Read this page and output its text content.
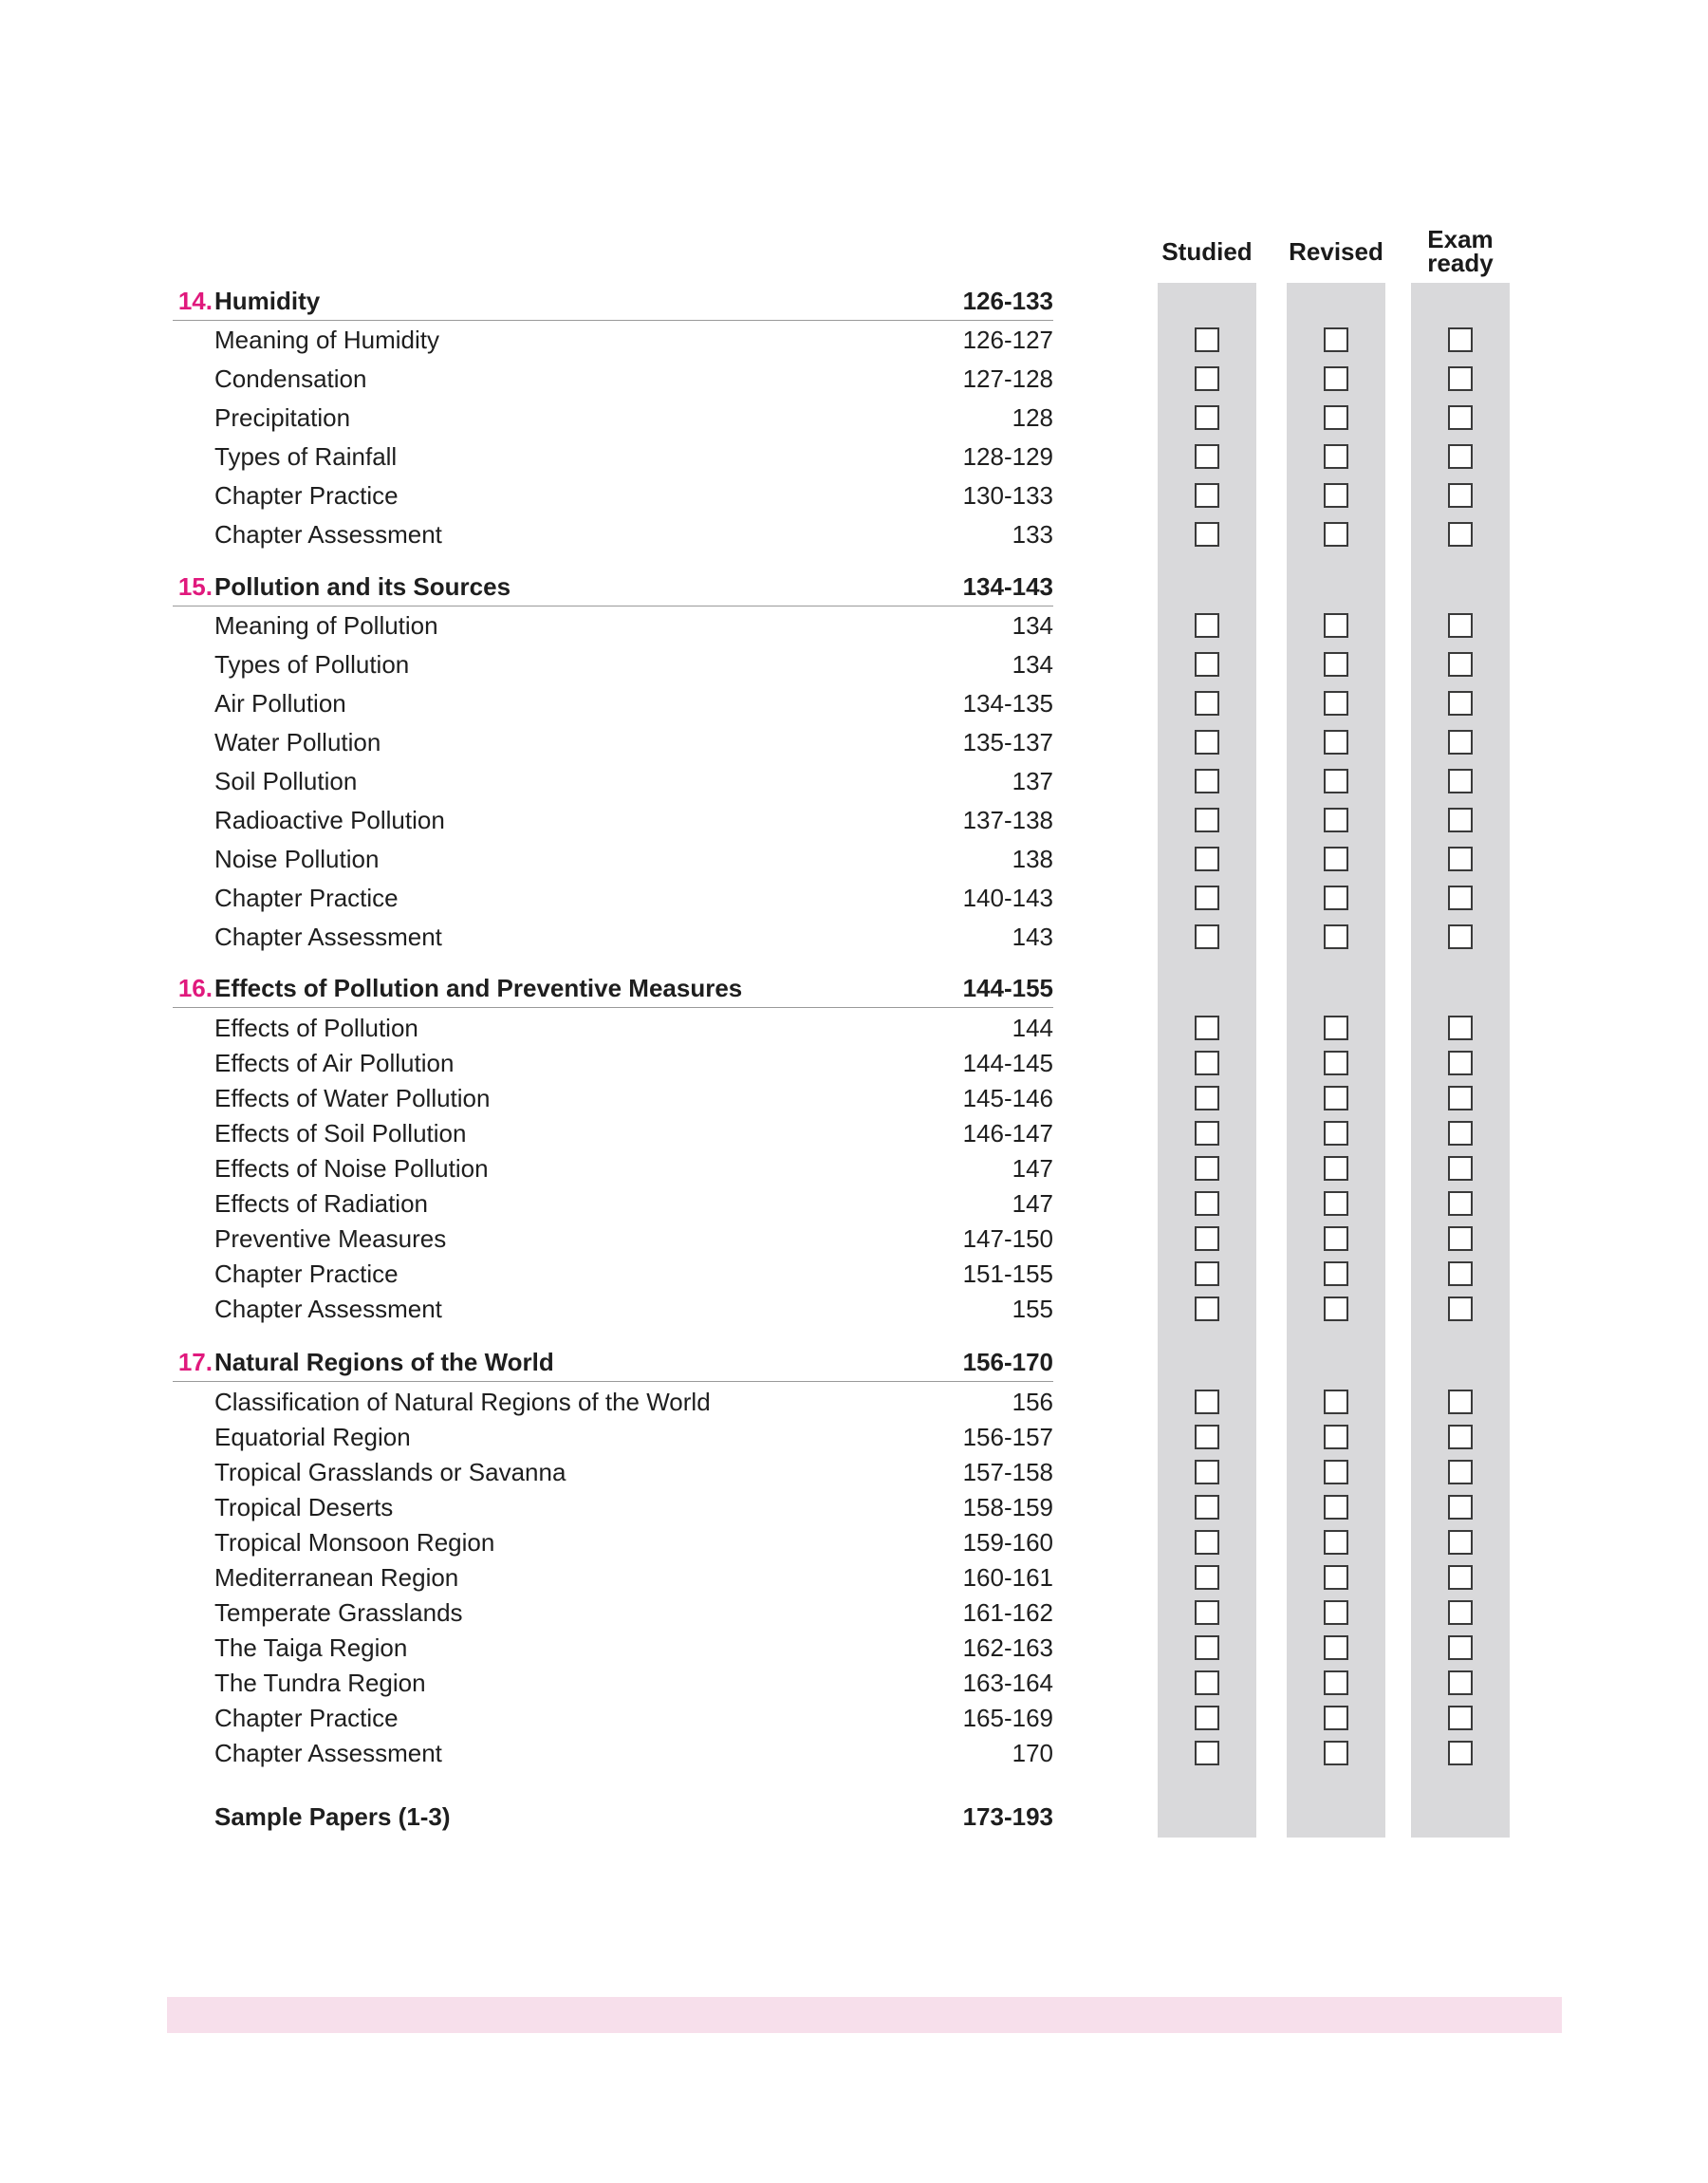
Studied	Revised	Exam
ready
14. Humidity	126-133
Meaning of Humidity	126-127
Condensation	127-128
Precipitation	128
Types of Rainfall	128-129
Chapter Practice	130-133
Chapter Assessment	133
15. Pollution and its Sources	134-143
Meaning of Pollution	134
Types of Pollution	134
Air Pollution	134-135
Water Pollution	135-137
Soil Pollution	137
Radioactive Pollution	137-138
Noise Pollution	138
Chapter Practice	140-143
Chapter Assessment	143
16. Effects of Pollution and Preventive Measures	144-155
Effects of Pollution	144
Effects of Air Pollution	144-145
Effects of Water Pollution	145-146
Effects of Soil Pollution	146-147
Effects of Noise Pollution	147
Effects of Radiation	147
Preventive Measures	147-150
Chapter Practice	151-155
Chapter Assessment	155
17. Natural Regions of the World	156-170
Classification of Natural Regions of the World	156
Equatorial Region	156-157
Tropical Grasslands or Savanna	157-158
Tropical Deserts	158-159
Tropical Monsoon Region	159-160
Mediterranean Region	160-161
Temperate Grasslands	161-162
The Taiga Region	162-163
The Tundra Region	163-164
Chapter Practice	165-169
Chapter Assessment	170
Sample Papers (1-3)	173-193
